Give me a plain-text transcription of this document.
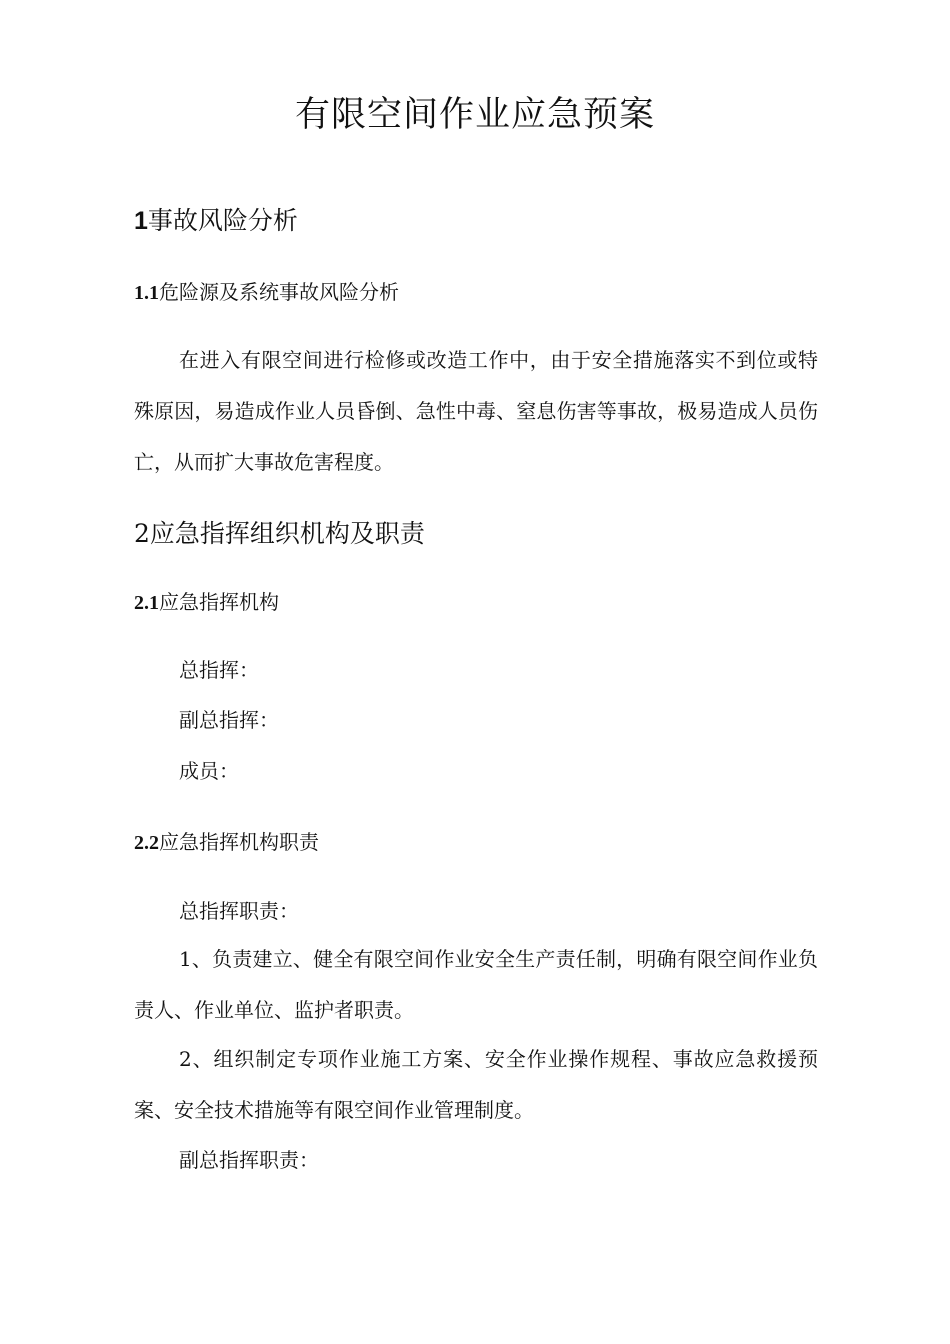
有限空间作业应急预案
1事故风险分析
1.1危险源及系统事故风险分析
在进入有限空间进行检修或改造工作中，由于安全措施落实不到位或特殊原因，易造成作业人员昏倒、急性中毒、窒息伤害等事故，极易造成人员伤亡，从而扩大事故危害程度。
2应急指挥组织机构及职责
2.1应急指挥机构
总指挥：
副总指挥：
成员：
2.2应急指挥机构职责
总指挥职责：
1、负责建立、健全有限空间作业安全生产责任制，明确有限空间作业负责人、作业单位、监护者职责。
2、组织制定专项作业施工方案、安全作业操作规程、事故应急救援预案、安全技术措施等有限空间作业管理制度。
副总指挥职责：
